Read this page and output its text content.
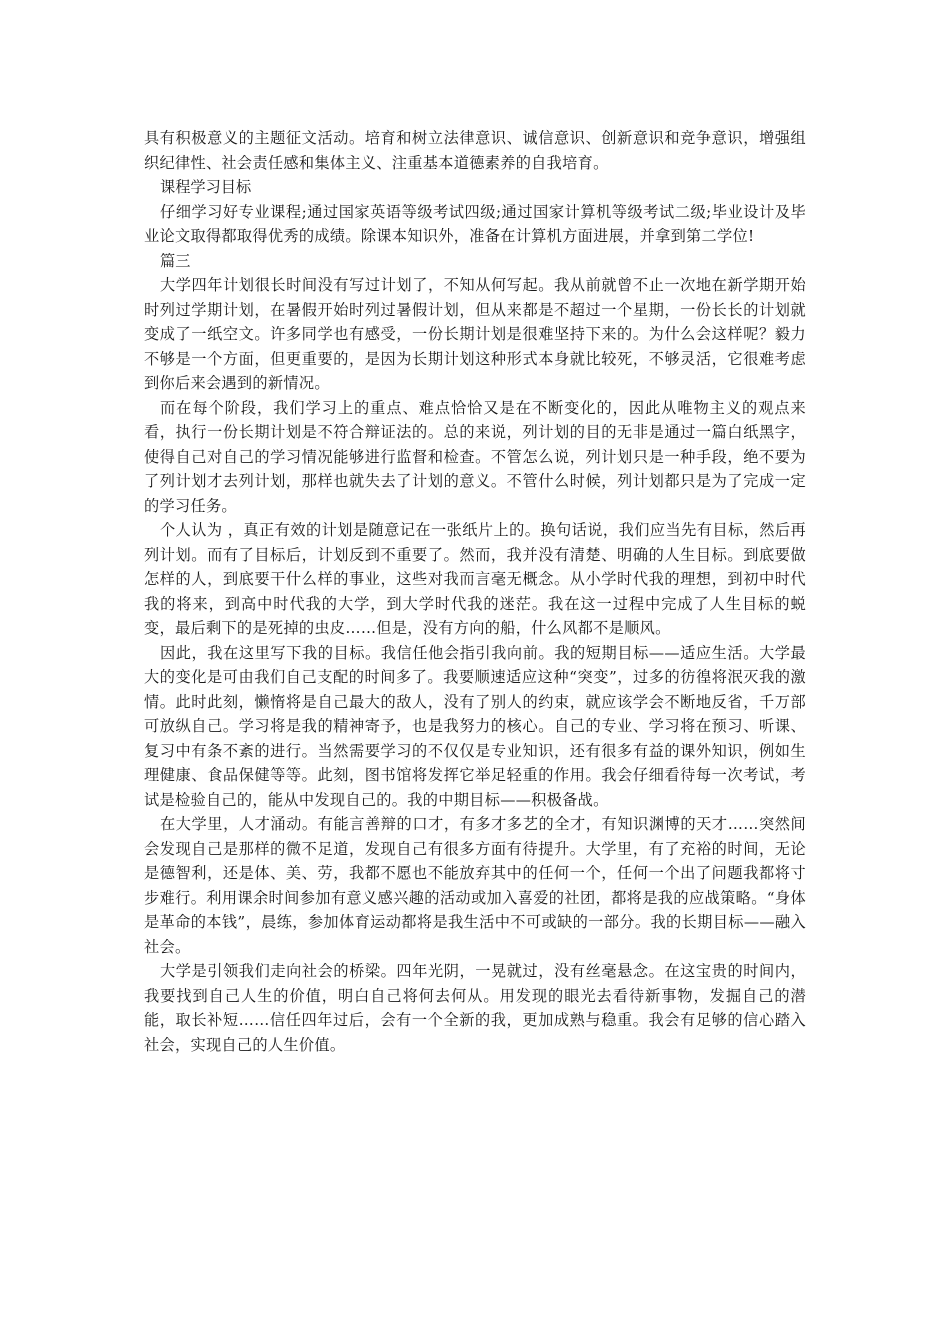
具有积极意义的主题征文活动。培育和树立法律意识、诚信意识、创新意识和竞争意识，增强组织纪律性、社会责任感和集体主义、注重基本道德素养的自我培育。

课程学习目标

仔细学习好专业课程;通过国家英语等级考试四级;通过国家计算机等级考试二级;毕业设计及毕业论文取得都取得优秀的成绩。除课本知识外，准备在计算机方面进展，并拿到第二学位!

篇三

大学四年计划很长时间没有写过计划了，不知从何写起。我从前就曾不止一次地在新学期开始时列过学期计划，在暑假开始时列过暑假计划，但从来都是不超过一个星期，一份长长的计划就变成了一纸空文。许多同学也有感受，一份长期计划是很难坚持下来的。为什么会这样呢？毅力不够是一个方面，但更重要的，是因为长期计划这种形式本身就比较死，不够灵活，它很难考虑到你后来会遇到的新情况。

而在每个阶段，我们学习上的重点、难点恰恰又是在不断变化的，因此从唯物主义的观点来看，执行一份长期计划是不符合辩证法的。总的来说，列计划的目的无非是通过一篇白纸黑字，使得自己对自己的学习情况能够进行监督和检查。不管怎么说，列计划只是一种手段，绝不要为了列计划才去列计划，那样也就失去了计划的意义。不管什么时候，列计划都只是为了完成一定的学习任务。

个人认为 ，真正有效的计划是随意记在一张纸片上的。换句话说，我们应当先有目标，然后再列计划。而有了目标后，计划反到不重要了。然而，我并没有清楚、明确的人生目标。到底要做怎样的人，到底要干什么样的事业，这些对我而言毫无概念。从小学时代我的理想，到初中时代我的将来，到高中时代我的大学，到大学时代我的迷茫。我在这一过程中完成了人生目标的蜕变，最后剩下的是死掉的虫皮……但是，没有方向的船，什么风都不是顺风。

因此，我在这里写下我的目标。我信任他会指引我向前。我的短期目标——适应生活。大学最大的变化是可由我们自己支配的时间多了。我要顺速适应这种“突变”，过多的彷徨将泯灭我的激情。此时此刻，懒惰将是自己最大的敌人，没有了别人的约束，就应该学会不断地反省，千万部可放纵自己。学习将是我的精神寄予，也是我努力的核心。自己的专业、学习将在预习、听课、复习中有条不紊的进行。当然需要学习的不仅仅是专业知识，还有很多有益的课外知识，例如生理健康、食品保健等等。此刻，图书馆将发挥它举足轻重的作用。我会仔细看待每一次考试，考试是检验自己的，能从中发现自己的。我的中期目标——积极备战。

在大学里，人才涌动。有能言善辩的口才，有多才多艺的全才，有知识渊博的天才……突然间会发现自己是那样的微不足道，发现自己有很多方面有待提升。大学里，有了充裕的时间，无论是德智利，还是体、美、劳，我都不愿也不能放弃其中的任何一个，任何一个出了问题我都将寸步难行。利用课余时间参加有意义感兴趣的活动或加入喜爱的社团，都将是我的应战策略。“身体是革命的本钱”，晨练，参加体育运动都将是我生活中不可或缺的一部分。我的长期目标——融入社会。

大学是引领我们走向社会的桥梁。四年光阴，一晃就过，没有丝毫悬念。在这宝贵的时间内，我要找到自己人生的价值，明白自己将何去何从。用发现的眼光去看待新事物，发掘自己的潜能，取长补短……信任四年过后，会有一个全新的我，更加成熟与稳重。我会有足够的信心踏入社会，实现自己的人生价值。
